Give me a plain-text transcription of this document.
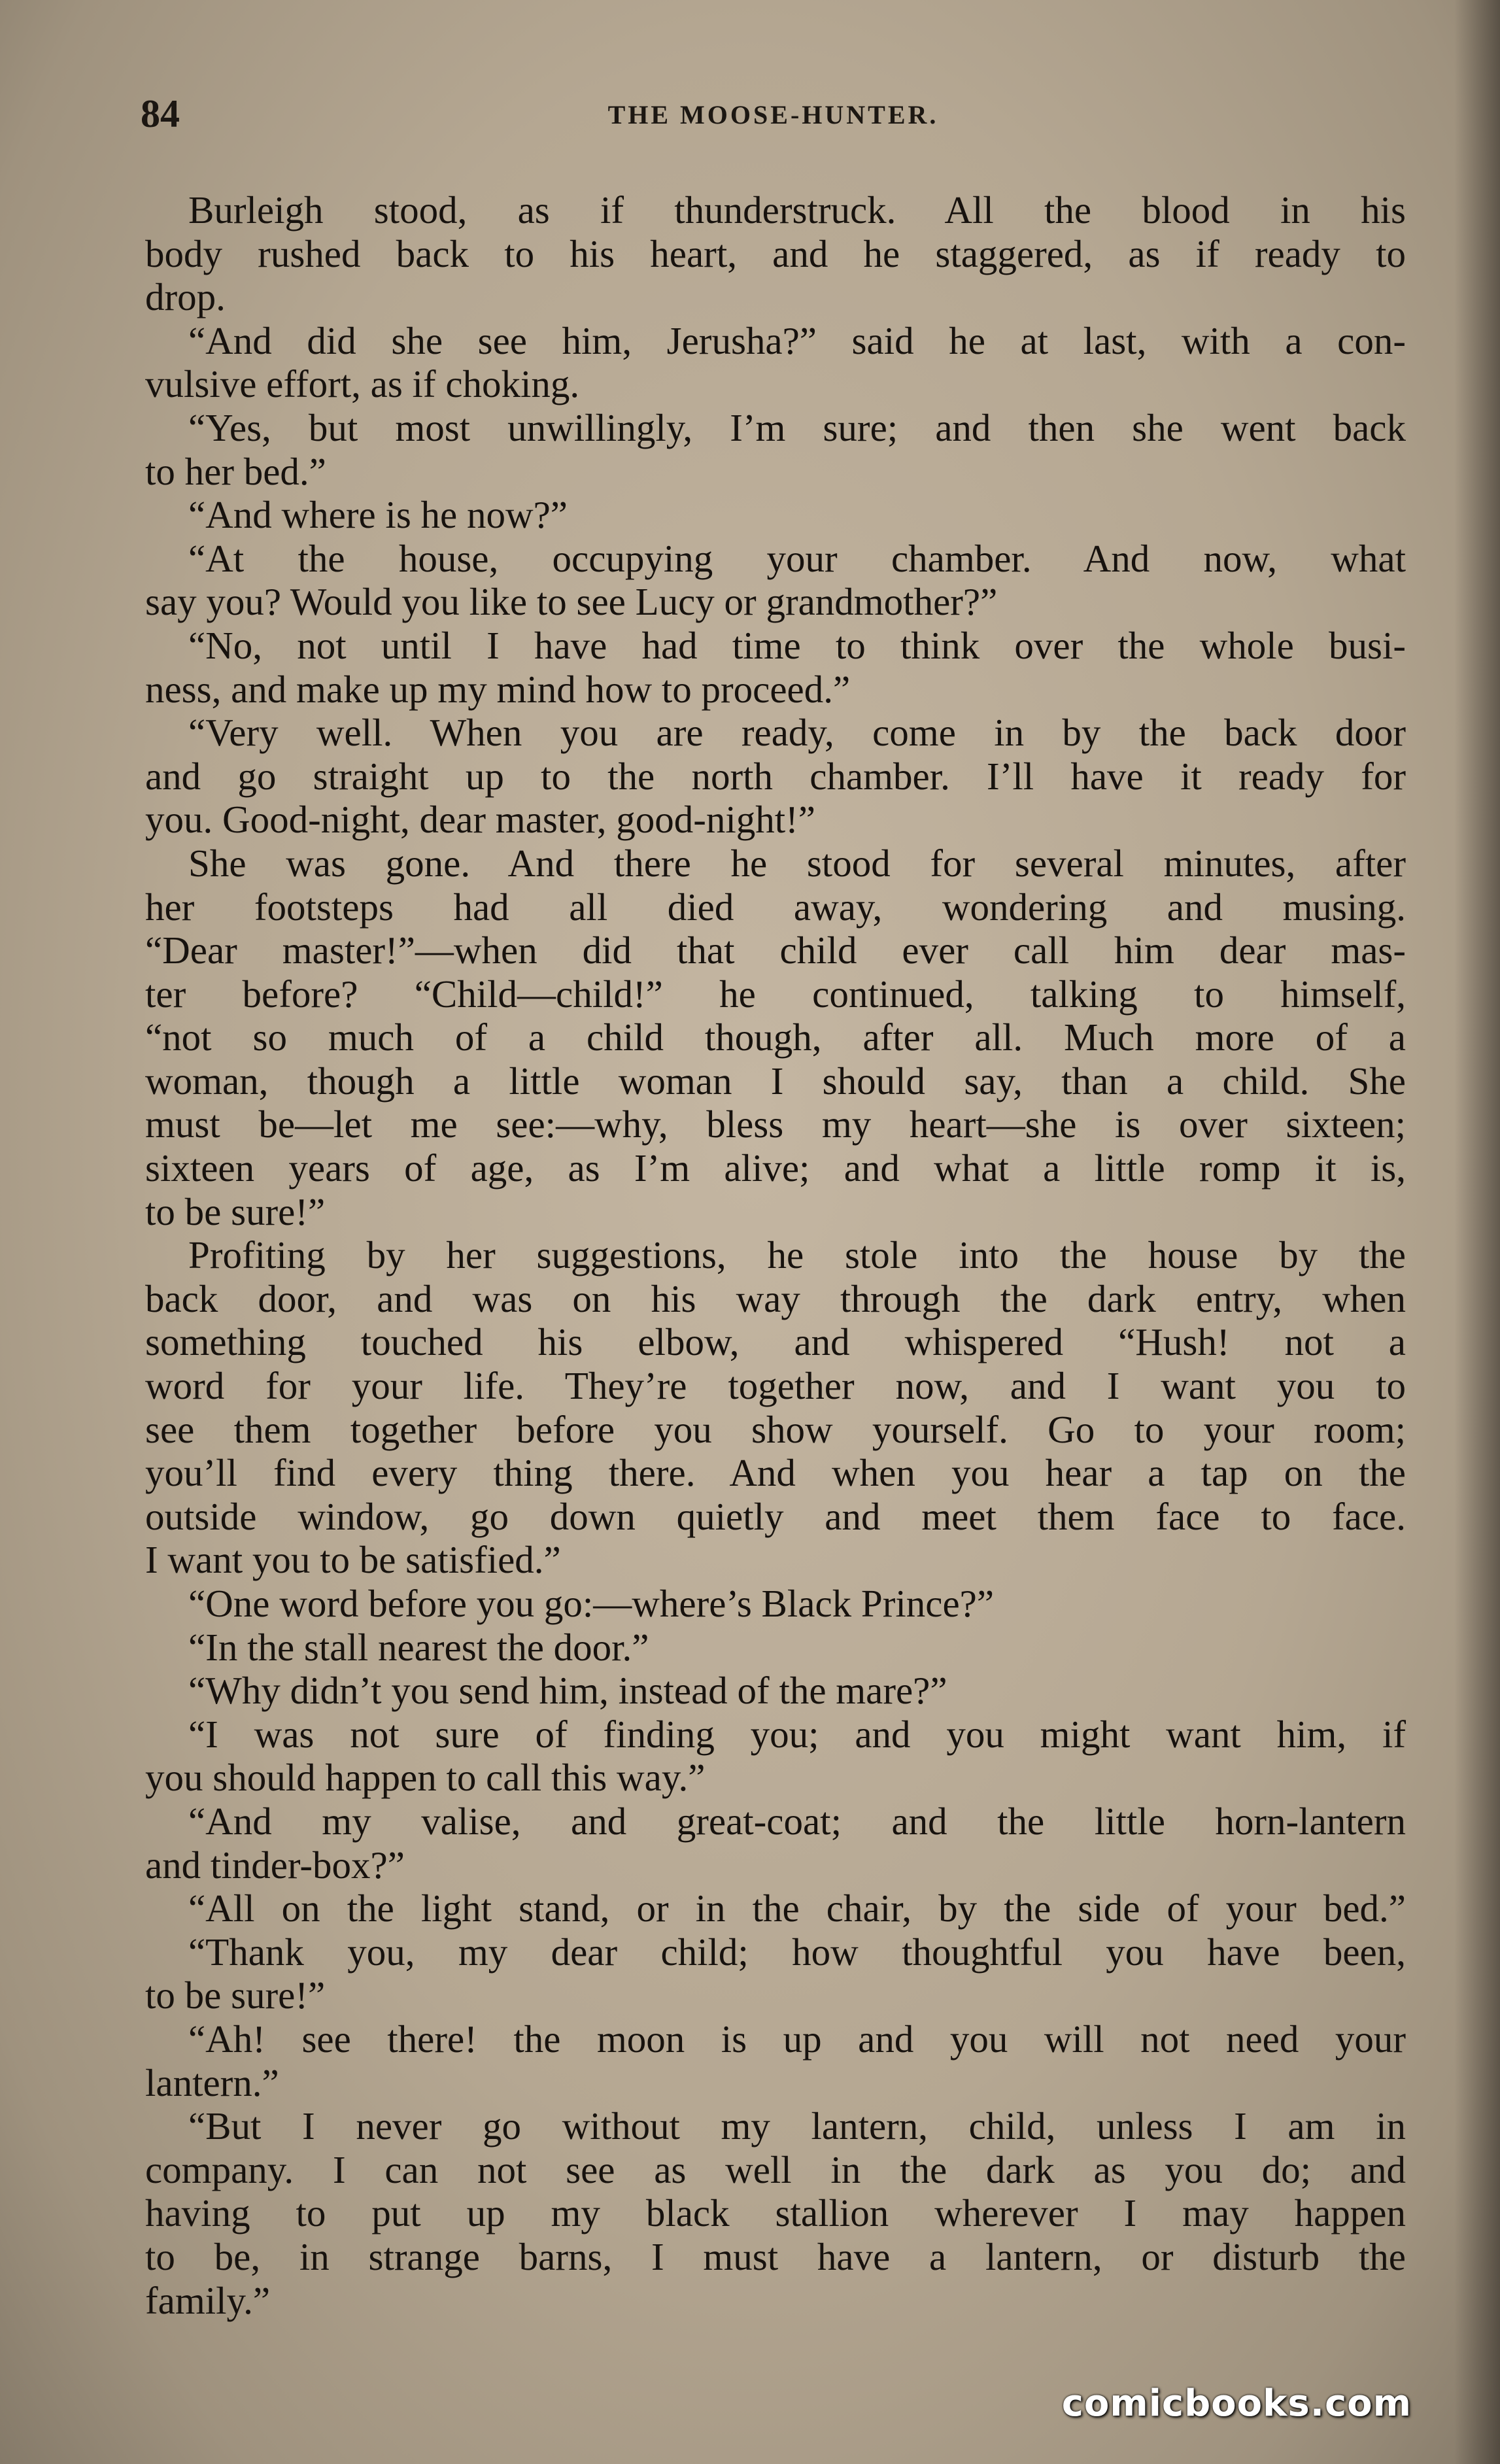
84	THE MOOSE-HUNTER.
Burleigh stood, as if thunderstruck. All the blood in his
body rushed back to his heart, and he staggered, as if ready to
drop.
“And did she see him, Jerusha?” said he at last, with a con-
vulsive effort, as if choking.
“Yes, but most unwillingly, I’m sure; and then she went back
to her bed.”
“And where is he now?”
“At the house, occupying your chamber. And now, what
say you? Would you like to see Lucy or grandmother?”
“No, not until I have had time to think over the whole busi-
ness, and make up my mind how to proceed.”
“Very well. When you are ready, come in by the back door
and go straight up to the north chamber. I’ll have it ready for
you. Good-night, dear master, good-night!”
She was gone. And there he stood for several minutes, after
her footsteps had all died away, wondering and musing.
“Dear master!”—when did that child ever call him dear mas-
ter before? “Child—child!” he continued, talking to himself,
“not so much of a child though, after all. Much more of a
woman, though a little woman I should say, than a child. She
must be—let me see:—why, bless my heart—she is over sixteen;
sixteen years of age, as I’m alive; and what a little romp it is,
to be sure!”
Profiting by her suggestions, he stole into the house by the
back door, and was on his way through the dark entry, when
something touched his elbow, and whispered “Hush! not a
word for your life. They’re together now, and I want you to
see them together before you show yourself. Go to your room;
you’ll find every thing there. And when you hear a tap on the
outside window, go down quietly and meet them face to face.
I want you to be satisfied.”
“One word before you go:—where’s Black Prince?”
“In the stall nearest the door.”
“Why didn’t you send him, instead of the mare?”
“I was not sure of finding you; and you might want him, if
you should happen to call this way.”
“And my valise, and great-coat; and the little horn-lantern
and tinder-box?”
“All on the light stand, or in the chair, by the side of your bed.”
“Thank you, my dear child; how thoughtful you have been,
to be sure!”
“Ah! see there! the moon is up and you will not need your
lantern.”
“But I never go without my lantern, child, unless I am in
company. I can not see as well in the dark as you do; and
having to put up my black stallion wherever I may happen
to be, in strange barns, I must have a lantern, or disturb the
family.”
comicbooks.com
